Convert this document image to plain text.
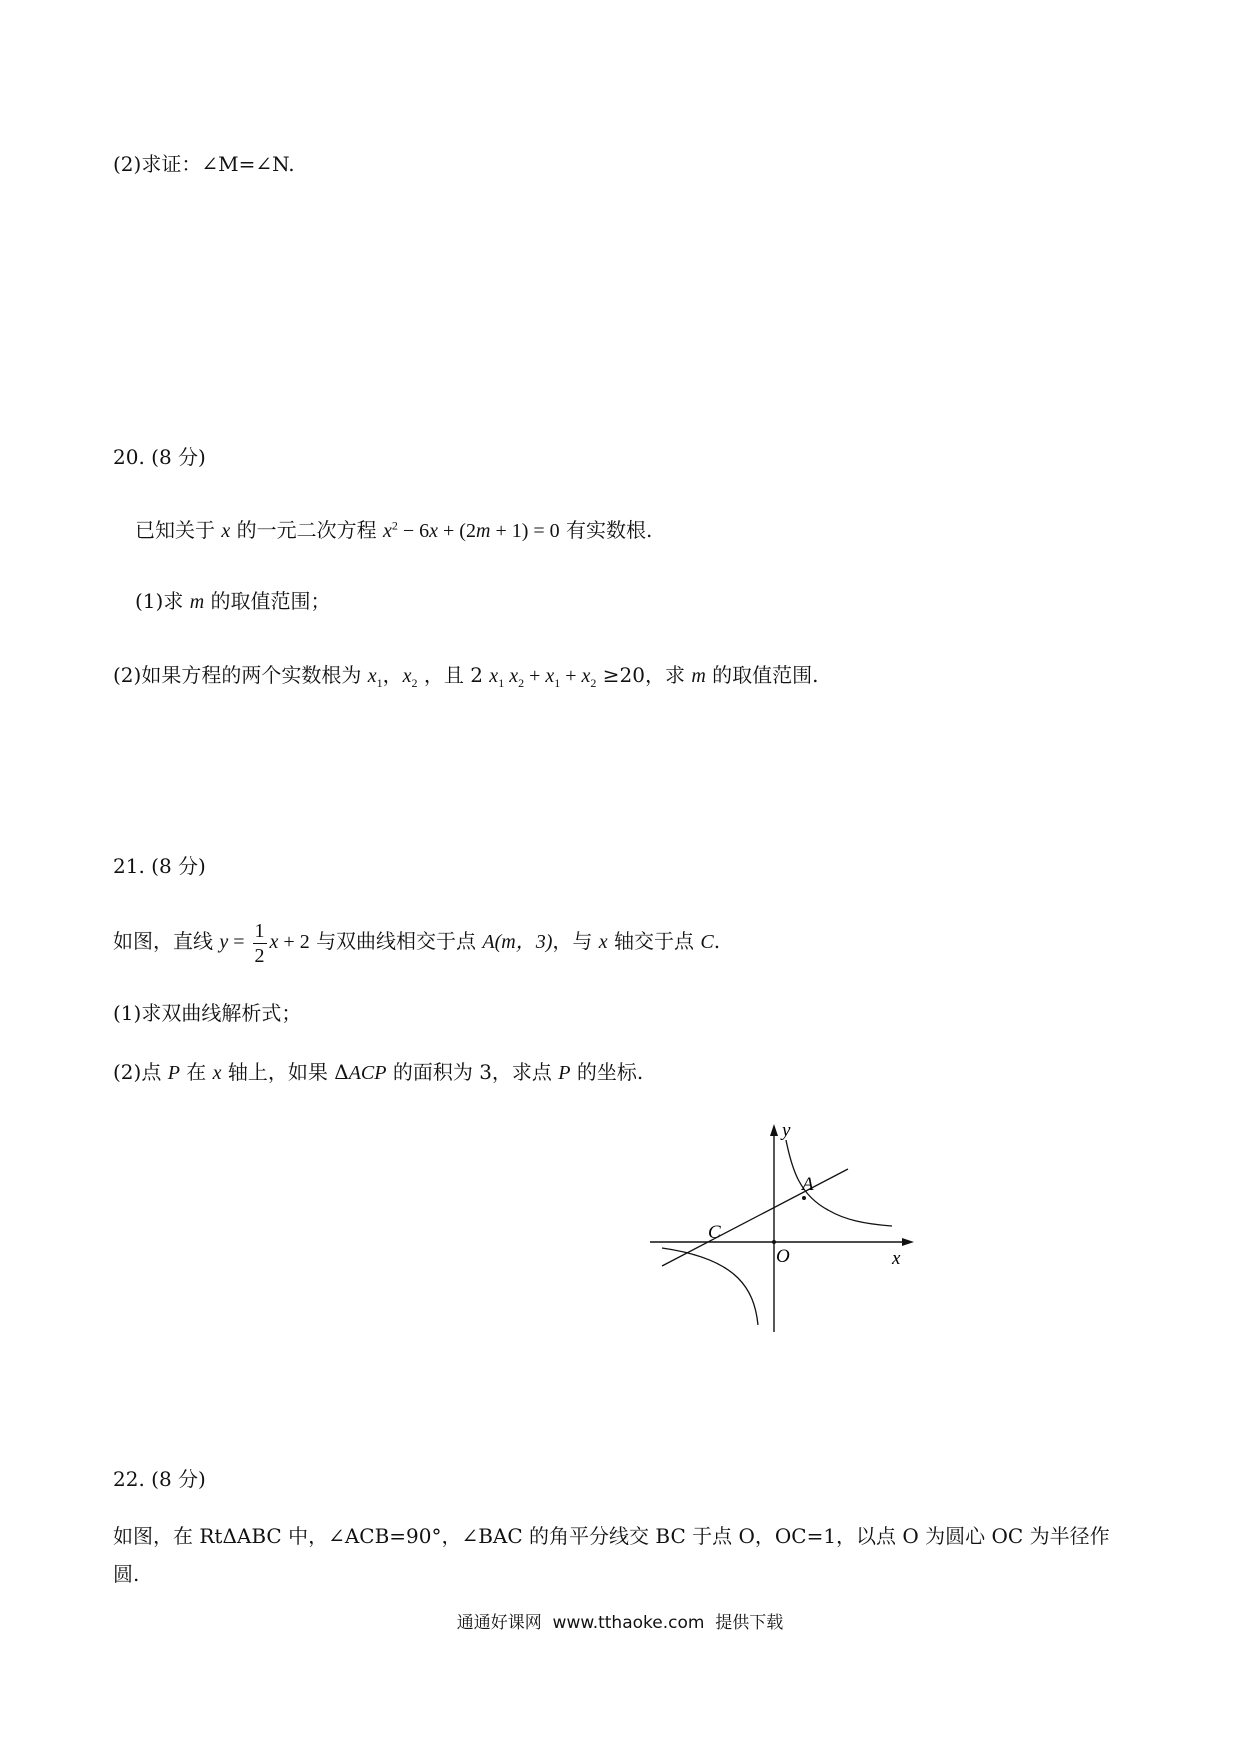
(2)求证：∠M=∠N.
20. (8 分)
已知关于 x 的一元二次方程 $x^2 - 6x + (2m + 1) = 0$ 有实数根.
(1)求 m 的取值范围；
(2)如果方程的两个实数根为 $x_1$，$x_2$ ，且 2 $x_1$ $x_2 + x_1 + x_2 \ge 20$，求 m 的取值范围.
21. (8 分)
如图，直线 $y = \frac{1}{2}$ x + 2 与双曲线相交于点 A(m，3)，与 x 轴交于点 C.
(1)求双曲线解析式；
(2)点 P 在 x 轴上，如果 ΔACP 的面积为 3，求点 P 的坐标.
y
x
A
C
O
22. (8 分)
如图，在 RtΔABC 中，∠ACB=90°，∠BAC 的角平分线交 BC 于点 O，OC=1，以点 O 为圆心 OC 为半径作
圆.
通通好课网  www.tthaoke.com  提供下载
